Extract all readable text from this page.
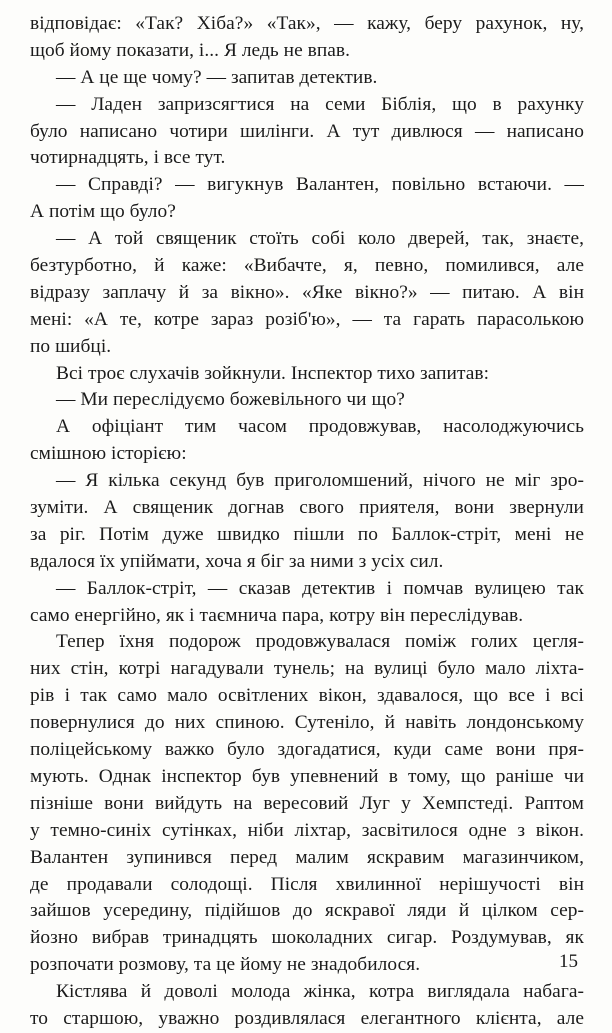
відповідає: «Так? Хіба?» «Так», — кажу, беру рахунок, ну,
щоб йому показати, і... Я ледь не впав.
— А це ще чому? — запитав детектив.
— Ладен запризсягтися на семи Біблія, що в рахунку
було написано чотири шилінги. А тут дивлюся — написано
чотирнадцять, і все тут.
— Справді? — вигукнув Валантен, повільно встаючи. —
А потім що було?
— А той священик стоїть собі коло дверей, так, знаєте,
безтурботно, й каже: «Вибачте, я, певно, помилився, але
відразу заплачу й за вікно». «Яке вікно?» — питаю. А він
мені: «А те, котре зараз розіб'ю», — та гарать парасолькою
по шибці.
Всі троє слухачів зойкнули. Інспектор тихо запитав:
— Ми переслідуємо божевільного чи що?
А офіціант тим часом продовжував, насолоджуючись
смішною історією:
— Я кілька секунд був приголомшений, нічого не міг зро-
зуміти. А священик догнав свого приятеля, вони звернули
за ріг. Потім дуже швидко пішли по Баллок-стріт, мені не
вдалося їх упіймати, хоча я біг за ними з усіх сил.
— Баллок-стріт, — сказав детектив і помчав вулицею так
само енергійно, як і таємнича пара, котру він переслідував.
Тепер їхня подорож продовжувалася поміж голих цегля-
них стін, котрі нагадували тунель; на вулиці було мало ліхта-
рів і так само мало освітлених вікон, здавалося, що все і всі
повернулися до них спиною. Сутеніло, й навіть лондонському
поліцейському важко було здогадатися, куди саме вони пря-
мують. Однак інспектор був упевнений в тому, що раніше чи
пізніше вони вийдуть на вересовий Луг у Хемпстеді. Раптом
у темно-синіх сутінках, ніби ліхтар, засвітилося одне з вікон.
Валантен зупинився перед малим яскравим магазинчиком,
де продавали солодощі. Після хвилинної нерішучості він
зайшов усередину, підійшов до яскравої ляди й цілком сер-
йозно вибрав тринадцять шоколадних сигар. Роздумував, як
розпочати розмову, та це йому не знадобилося.
Кістлява й доволі молода жінка, котра виглядала набага-
то старшою, уважно роздивлялася елегантного клієнта, але
15
